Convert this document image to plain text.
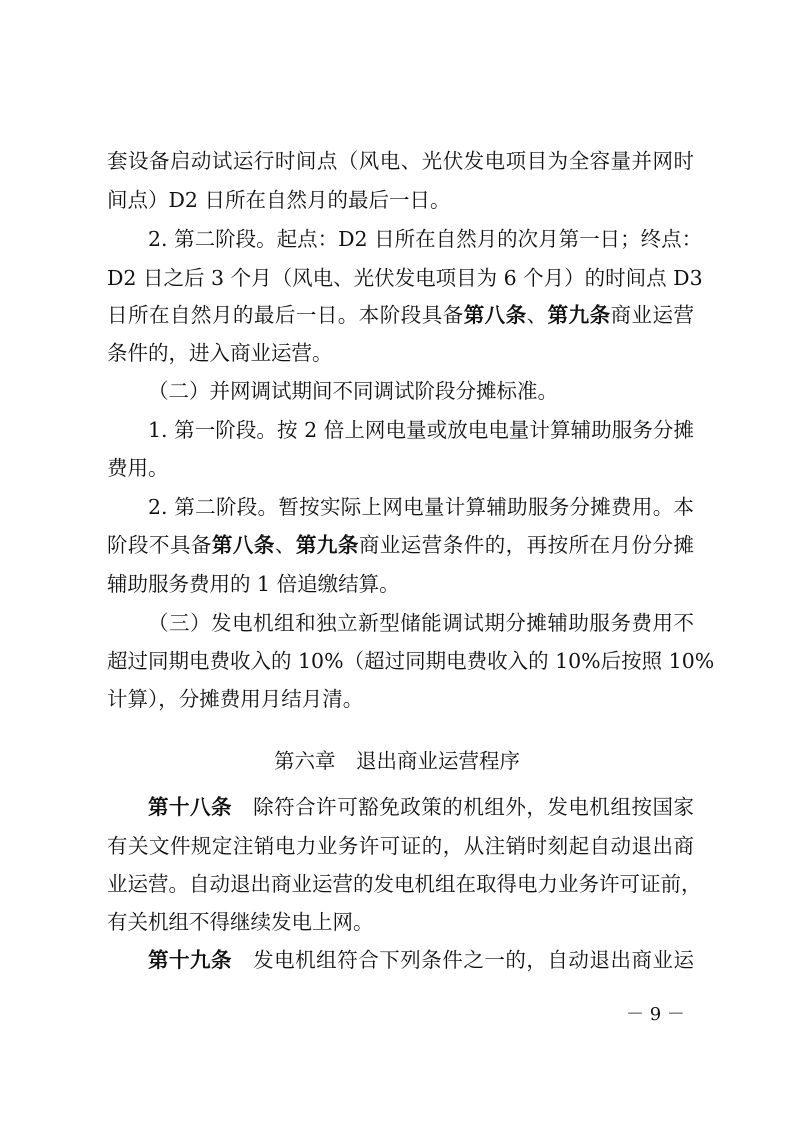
套设备启动试运行时间点（风电、光伏发电项目为全容量并网时
间点）D2 日所在自然月的最后一日。
2. 第二阶段。起点：D2 日所在自然月的次月第一日；终点：
D2 日之后 3 个月（风电、光伏发电项目为 6 个月）的时间点 D3
日所在自然月的最后一日。本阶段具备第八条、第九条商业运营
条件的，进入商业运营。
（二）并网调试期间不同调试阶段分摊标准。
1. 第一阶段。按 2 倍上网电量或放电电量计算辅助服务分摊
费用。
2. 第二阶段。暂按实际上网电量计算辅助服务分摊费用。本
阶段不具备第八条、第九条商业运营条件的，再按所在月份分摊
辅助服务费用的 1 倍追缴结算。
（三）发电机组和独立新型储能调试期分摊辅助服务费用不
超过同期电费收入的 10%（超过同期电费收入的 10%后按照 10%
计算），分摊费用月结月清。
第六章　退出商业运营程序
第十八条　除符合许可豁免政策的机组外，发电机组按国家
有关文件规定注销电力业务许可证的，从注销时刻起自动退出商
业运营。自动退出商业运营的发电机组在取得电力业务许可证前，
有关机组不得继续发电上网。
第十九条　发电机组符合下列条件之一的，自动退出商业运
－ 9 －
